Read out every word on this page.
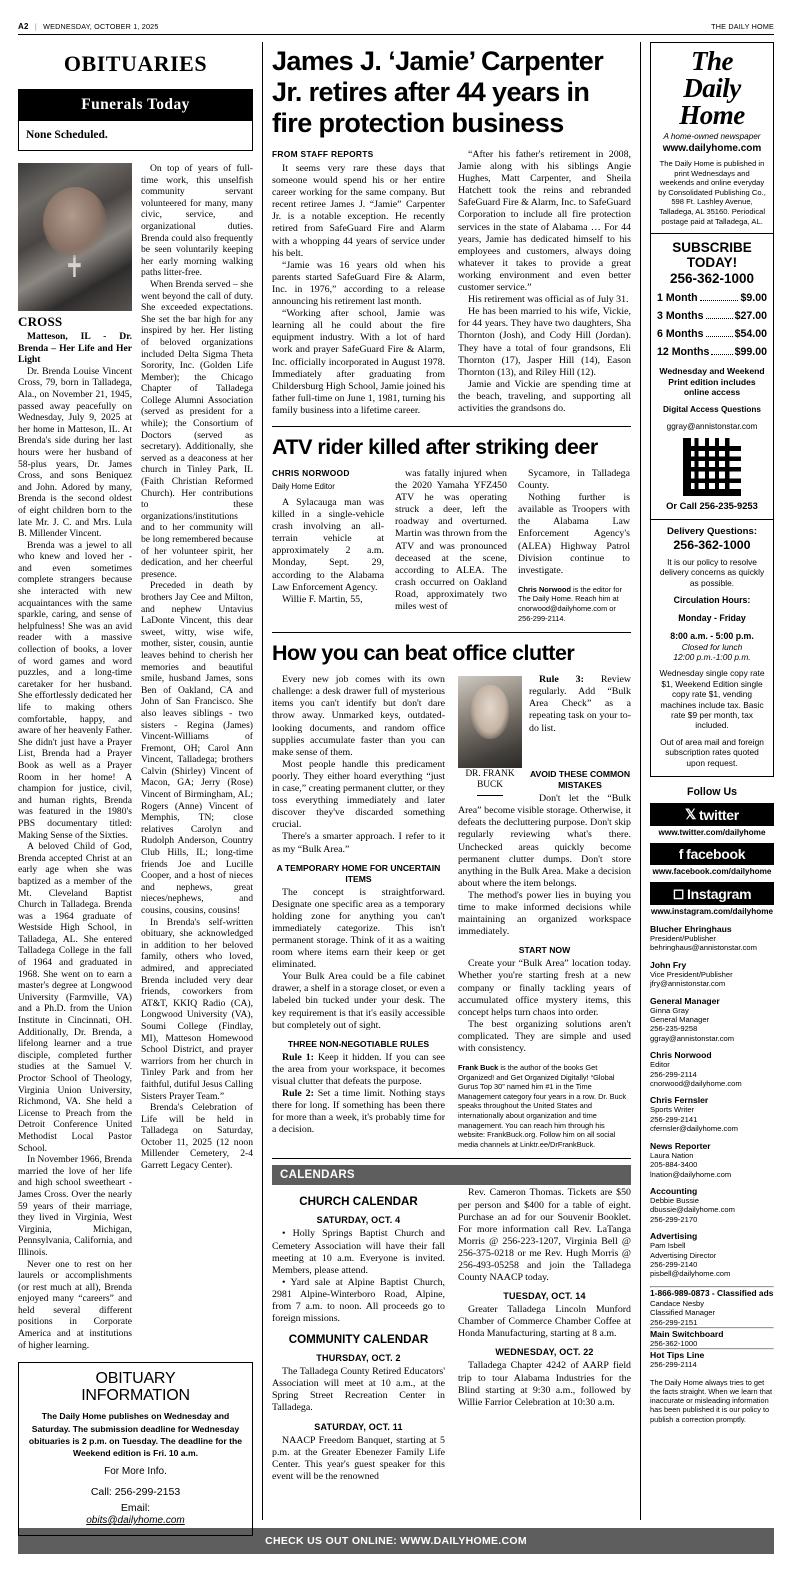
A2 | WEDNESDAY, OCTOBER 1, 2025	THE DAILY HOME
OBITUARIES
Funerals Today
None Scheduled.
CROSS

Matteson, IL - Dr. Brenda – Her Life and Her Light

Dr. Brenda Louise Vincent Cross, 79, born in Talladega, Ala., on November 21, 1945, passed away peacefully on Wednesday, July 9, 2025 at her home in Matteson, IL. At Brenda's side during her last hours were her husband of 58-plus years, Dr. James Cross, and sons Beniquez and John. Adored by many, Brenda is the second oldest of eight children born to the late Mr. J. C. and Mrs. Lula B. Millender Vincent.

Brenda was a jewel to all who knew and loved her - and even sometimes complete strangers because she interacted with new acquaintances with the same sparkle, caring, and sense of helpfulness! She was an avid reader with a massive collection of books, a lover of word games and word puzzles, and a long-time caretaker for her husband. She effortlessly dedicated her life to making others comfortable, happy, and aware of her heavenly Father. She didn't just have a Prayer List, Brenda had a Prayer Book as well as a Prayer Room in her home! A champion for justice, civil, and human rights, Brenda was featured in the 1980's PBS documentary titled: Making Sense of the Sixties.

A beloved Child of God, Brenda accepted Christ at an early age when she was baptized as a member of the Mt. Cleveland Baptist Church in Talladega. Brenda was a 1964 graduate of Westside High School, in Talladega, AL. She entered Talladega College in the fall of 1964 and graduated in 1968. She went on to earn a master's degree at Longwood University (Farmville, VA) and a Ph.D. from the Union Institute in Cincinnati, OH. Additionally, Dr. Brenda, a lifelong learner and a true disciple, completed further studies at the Samuel V. Proctor School of Theology, Virginia Union University, Richmond, VA. She held a License to Preach from the Detroit Conference United Methodist Local Pastor School.

In November 1966, Brenda married the love of her life and high school sweetheart - James Cross. Over the nearly 59 years of their marriage, they lived in Virginia, West Virginia, Michigan, Pennsylvania, California, and Illinois.

Never one to rest on her laurels or accomplishments (or rest much at all), Brenda enjoyed many “careers” and held several different positions in Corporate America and at institutions of higher learning.

On top of years of full-time work, this unselfish community servant volunteered for many, many civic, service, and organizational duties. Brenda could also frequently be seen voluntarily keeping her early morning walking paths litter-free.

When Brenda served – she went beyond the call of duty. She exceeded expectations. She set the bar high for any inspired by her. Her listing of beloved organizations included Delta Sigma Theta Sorority, Inc. (Golden Life Member); the Chicago Chapter of Talladega College Alumni Association (served as president for a while); the Consortium of Doctors (served as secretary). Additionally, she served as a deaconess at her church in Tinley Park, IL (Faith Christian Reformed Church). Her contributions to these organizations/institutions and to her community will be long remembered because of her volunteer spirit, her dedication, and her cheerful presence.

Preceded in death by brothers Jay Cee and Milton, and nephew Untavius LaDonte Vincent, this dear sweet, witty, wise wife, mother, sister, cousin, auntie leaves behind to cherish her memories and beautiful smile, husband James, sons Ben of Oakland, CA and John of San Francisco. She also leaves siblings - two sisters - Regina (James) Vincent-Williams of Fremont, OH; Carol Ann Vincent, Talladega; brothers Calvin (Shirley) Vincent of Macon, GA; Jerry (Rose) Vincent of Birmingham, AL; Rogers (Anne) Vincent of Memphis, TN; close relatives Carolyn and Rudolph Anderson, Country Club Hills, IL; long-time friends Joe and Lucille Cooper, and a host of nieces and nephews, great nieces/nephews, and cousins, cousins, cousins!

In Brenda's self-written obituary, she acknowledged in addition to her beloved family, others who loved, admired, and appreciated Brenda included very dear friends, coworkers from AT&T, KKIQ Radio (CA), Longwood University (VA), Soumi College (Findlay, MI), Matteson Homewood School District, and prayer warriors from her church in Tinley Park and from her faithful, dutiful Jesus Calling Sisters Prayer Team.”

Brenda's Celebration of Life will be held in Talladega on Saturday, October 11, 2025 (12 noon Millender Cemetery, 2-4 Garrett Legacy Center).

OBITUARY
INFORMATION
The Daily Home publishes on Wednesday and Saturday. The submission deadline for Wednesday obituaries is 2 p.m. on Tuesday. The deadline for the Weekend edition is Fri. 10 a.m.
For More Info.
Call: 256-299-2153
Email:
obits@dailyhome.com
James J. ‘Jamie’ Carpenter Jr. retires after 44 years in fire protection business
FROM STAFF REPORTS

It seems very rare these days that someone would spend his or her entire career working for the same company. But recent retiree James J. “Jamie” Carpenter Jr. is a notable exception. He recently retired from SafeGuard Fire and Alarm with a whopping 44 years of service under his belt.

“Jamie was 16 years old when his parents started SafeGuard Fire & Alarm, Inc. in 1976,” according to a release announcing his retirement last month.

“Working after school, Jamie was learning all he could about the fire equipment industry. With a lot of hard work and prayer SafeGuard Fire & Alarm, Inc. officially incorporated in August 1978. Immediately after graduating from Childersburg High School, Jamie joined his father full-time on June 1, 1981, turning his family business into a lifetime career.

“After his father's retirement in 2008, Jamie along with his siblings Angie Hughes, Matt Carpenter, and Sheila Hatchett took the reins and rebranded SafeGuard Fire & Alarm, Inc. to SafeGuard Corporation to include all fire protection services in the state of Alabama … For 44 years, Jamie has dedicated himself to his employees and customers, always doing whatever it takes to provide a great working environment and even better customer service.”

His retirement was official as of July 31.

He has been married to his wife, Vickie, for 44 years. They have two daughters, Sha Thornton (Josh), and Cody Hill (Jordan). They have a total of four grandsons, Eli Thornton (17), Jasper Hill (14), Eason Thornton (13), and Riley Hill (12).

Jamie and Vickie are spending time at the beach, traveling, and supporting all activities the grandsons do.

ATV rider killed after striking deer
CHRIS NORWOOD
Daily Home Editor

A Sylacauga man was killed in a single-vehicle crash involving an all-terrain vehicle at approximately 2 a.m. Monday, Sept. 29, according to the Alabama Law Enforcement Agency.

Willie F. Martin, 55,

was fatally injured when the 2020 Yamaha YFZ450 ATV he was operating struck a deer, left the roadway and overturned. Martin was thrown from the ATV and was pronounced deceased at the scene, according to ALEA. The crash occurred on Oakland Road, approximately two miles west of

Sycamore, in Talladega County.

Nothing further is available as Troopers with the Alabama Law Enforcement Agency's (ALEA) Highway Patrol Division continue to investigate.

Chris Norwood is the editor for The Daily Home. Reach him at cnorwood@dailyhome.com or 256-299-2114.
How you can beat office clutter

Every new job comes with its own challenge: a desk drawer full of mysterious items you can't identify but don't dare throw away. Unmarked keys, outdated-looking documents, and random office supplies accumulate faster than you can make sense of them.

Most people handle this predicament poorly. They either hoard everything “just in case,” creating permanent clutter, or they toss everything immediately and later discover they've discarded something crucial.

There's a smarter approach. I refer to it as my “Bulk Area.”

A TEMPORARY HOME FOR UNCERTAIN ITEMS

The concept is straightforward. Designate one specific area as a temporary holding zone for anything you can't immediately categorize. This isn't permanent storage. Think of it as a waiting room where items earn their keep or get eliminated.

Your Bulk Area could be a file cabinet drawer, a shelf in a storage closet, or even a labeled bin tucked under your desk. The key requirement is that it's easily accessible but completely out of sight.

THREE NON-NEGOTIABLE RULES

Rule 1: Keep it hidden. If you can see the area from your workspace, it becomes visual clutter that defeats the purpose.

Rule 2: Set a time limit. Nothing stays there for long. If something has been there for more than a week, it's probably time for a decision.

Rule 3: Review regularly. Add “Bulk Area Check” as a repeating task on your to-do list.

DR. FRANK
BUCK
AVOID THESE COMMON MISTAKES

Don't let the “Bulk Area” become visible storage. Otherwise, it defeats the decluttering purpose. Don't skip regularly reviewing what's there. Unchecked areas quickly become permanent clutter dumps. Don't store anything in the Bulk Area. Make a decision about where the item belongs.

The method's power lies in buying you time to make informed decisions while maintaining an organized workspace immediately.

START NOW

Create your “Bulk Area” location today. Whether you're starting fresh at a new company or finally tackling years of accumulated office mystery items, this concept helps turn chaos into order.

The best organizing solutions aren't complicated. They are simple and used with consistency.

Frank Buck is the author of the books Get Organized! and Get Organized Digitally! “Global Gurus Top 30” named him #1 in the Time Management category four years in a row. Dr. Buck speaks throughout the United States and internationally about organization and time management. You can reach him through his website: FrankBuck.org. Follow him on all social media channels at Linktr.ee/DrFrankBuck.
CALENDARS
CHURCH CALENDAR
SATURDAY, OCT. 4

• Holly Springs Baptist Church and Cemetery Association will have their fall meeting at 10 a.m. Everyone is invited. Members, please attend.

• Yard sale at Alpine Baptist Church, 2981 Alpine-Winterboro Road, Alpine, from 7 a.m. to noon. All proceeds go to foreign missions.

COMMUNITY CALENDAR
THURSDAY, OCT. 2

The Talladega County Retired Educators' Association will meet at 10 a.m., at the Spring Street Recreation Center in Talladega.

SATURDAY, OCT. 11

NAACP Freedom Banquet, starting at 5 p.m. at the Greater Ebenezer Family Life Center. This year's guest speaker for this event will be the renowned

Rev. Cameron Thomas. Tickets are $50 per person and $400 for a table of eight. Purchase an ad for our Souvenir Booklet. For more information call Rev. LaTanga Morris @ 256-223-1207, Virginia Bell @ 256-375-0218 or me Rev. Hugh Morris @ 256-493-05258 and join the Talladega County NAACP today.

TUESDAY, OCT. 14

Greater Talladega Lincoln Munford Chamber of Commerce Chamber Coffee at Honda Manufacturing, starting at 8 a.m.

WEDNESDAY, OCT. 22

Talladega Chapter 4242 of AARP field trip to tour Alabama Industries for the Blind starting at 9:30 a.m., followed by Willie Farrior Celebration at 10:30 a.m.

The
Daily
Home
A home-owned newspaper
www.dailyhome.com
The Daily Home is published in print Wednesdays and weekends and online everyday by Consolidated Publishing Co., 598 Ft. Lashley Avenue, Talladega, AL 35160. Periodical postage paid at Talladega, AL.
SUBSCRIBE
TODAY!
256-362-1000
1 Month	$9.00
3 Months	$27.00
6 Months	$54.00
12 Months $99.00
Wednesday and Weekend Print edition includes online access
Digital Access Questions
ggray@annistonstar.com
Or Call 256-235-9253
Delivery Questions:
256-362-1000
It is our policy to resolve delivery concerns as quickly as possible.
Circulation Hours:
Monday - Friday
8:00 a.m. - 5:00 p.m.
Closed for lunch
12:00 p.m.-1:00 p.m.
Wednesday single copy rate $1, Weekend Edition single copy rate $1, vending machines include tax. Basic rate $9 per month, tax included.
Out of area mail and foreign subscription rates quoted upon request.
Follow Us
𝕏 twitter
www.twitter.com/dailyhome
f facebook
www.facebook.com/dailyhome
◻ Instagram
www.instagram.com/dailyhome
Blucher Ehringhaus
President/Publisher
behringhaus@annistonstar.com
John Fry
Vice President/Publisher
jfry@annistonstar.com
General Manager
Ginna Gray
General Manager
256-235-9258
ggray@annistonstar.com
Chris Norwood
Editor
256-299-2114
cnorwood@dailyhome.com
Chris Fernsler
Sports Writer
256-299-2141
cfernsler@dailyhome.com
News Reporter
Laura Nation
205-884-3400
lnation@dailyhome.com
Accounting
Debbie Bussie
dbussie@dailyhome.com
256-299-2170
Advertising
Pam Isbell
Advertising Director
256-299-2140
pisbell@dailyhome.com
1-866-989-0873 - Classified ads
Candace Nesby
Classified Manager
256-299-2151
Main Switchboard
256-362-1000
Hot Tips Line
256-299-2114
The Daily Home always tries to get the facts straight. When we learn that inaccurate or misleading information has been published it is our policy to publish a correction promptly.
CHECK US OUT ONLINE: WWW.DAILYHOME.COM
